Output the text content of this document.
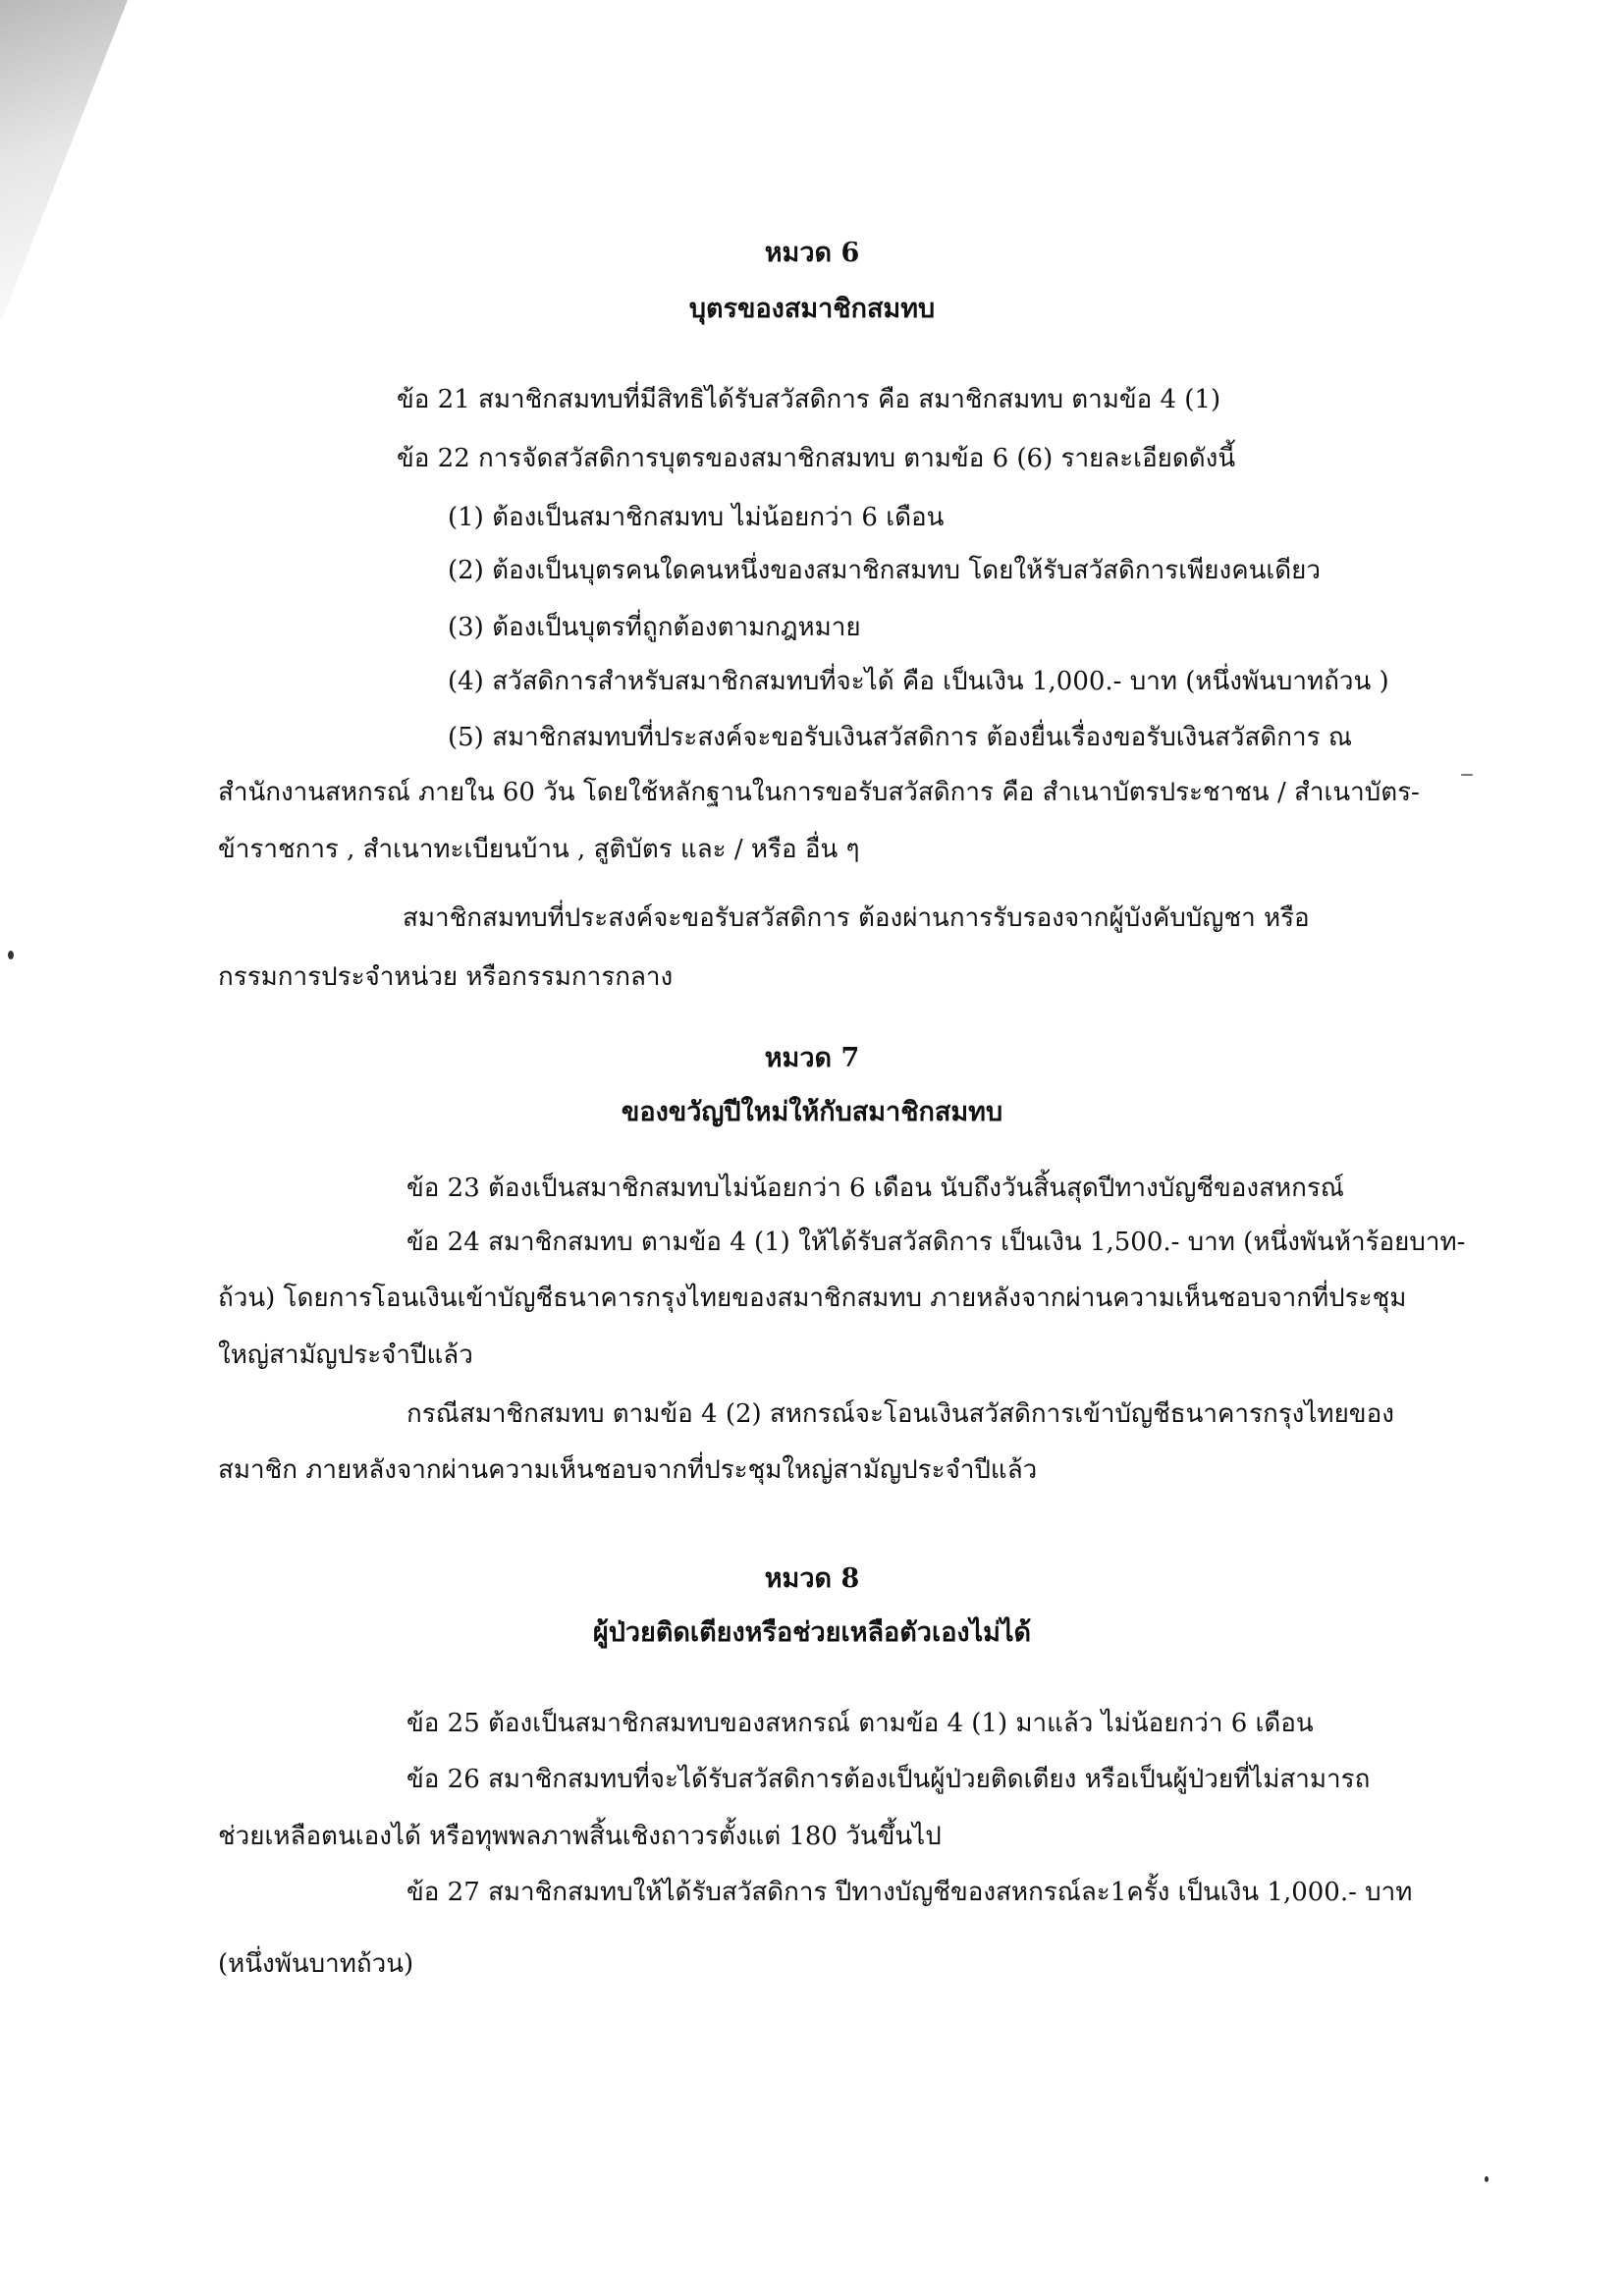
หมวด 6
บุตรของสมาชิกสมทบ
ข้อ 21 สมาชิกสมทบที่มีสิทธิได้รับสวัสดิการ คือ สมาชิกสมทบ ตามข้อ 4 (1)
ข้อ 22 การจัดสวัสดิการบุตรของสมาชิกสมทบ ตามข้อ 6 (6) รายละเอียดดังนี้
(1) ต้องเป็นสมาชิกสมทบ ไม่น้อยกว่า 6 เดือน
(2) ต้องเป็นบุตรคนใดคนหนึ่งของสมาชิกสมทบ โดยให้รับสวัสดิการเพียงคนเดียว
(3) ต้องเป็นบุตรที่ถูกต้องตามกฎหมาย
(4) สวัสดิการสำหรับสมาชิกสมทบที่จะได้ คือ เป็นเงิน 1,000.- บาท (หนึ่งพันบาทถ้วน )
(5) สมาชิกสมทบที่ประสงค์จะขอรับเงินสวัสดิการ ต้องยื่นเรื่องขอรับเงินสวัสดิการ ณ
สำนักงานสหกรณ์ ภายใน 60 วัน โดยใช้หลักฐานในการขอรับสวัสดิการ คือ สำเนาบัตรประชาชน / สำเนาบัตร-
ข้าราชการ , สำเนาทะเบียนบ้าน , สูติบัตร และ / หรือ อื่น ๆ
สมาชิกสมทบที่ประสงค์จะขอรับสวัสดิการ ต้องผ่านการรับรองจากผู้บังคับบัญชา หรือ
กรรมการประจำหน่วย หรือกรรมการกลาง
หมวด 7
ของขวัญปีใหม่ให้กับสมาชิกสมทบ
ข้อ 23 ต้องเป็นสมาชิกสมทบไม่น้อยกว่า 6 เดือน นับถึงวันสิ้นสุดปีทางบัญชีของสหกรณ์
ข้อ 24 สมาชิกสมทบ ตามข้อ 4 (1) ให้ได้รับสวัสดิการ เป็นเงิน 1,500.- บาท (หนึ่งพันห้าร้อยบาท-
ถ้วน) โดยการโอนเงินเข้าบัญชีธนาคารกรุงไทยของสมาชิกสมทบ ภายหลังจากผ่านความเห็นชอบจากที่ประชุม
ใหญ่สามัญประจำปีแล้ว
กรณีสมาชิกสมทบ ตามข้อ 4 (2) สหกรณ์จะโอนเงินสวัสดิการเข้าบัญชีธนาคารกรุงไทยของ
สมาชิก ภายหลังจากผ่านความเห็นชอบจากที่ประชุมใหญ่สามัญประจำปีแล้ว
หมวด 8
ผู้ป่วยติดเตียงหรือช่วยเหลือตัวเองไม่ได้
ข้อ 25 ต้องเป็นสมาชิกสมทบของสหกรณ์ ตามข้อ 4 (1) มาแล้ว ไม่น้อยกว่า 6 เดือน
ข้อ 26 สมาชิกสมทบที่จะได้รับสวัสดิการต้องเป็นผู้ป่วยติดเตียง หรือเป็นผู้ป่วยที่ไม่สามารถ
ช่วยเหลือตนเองได้ หรือทุพพลภาพสิ้นเชิงถาวรตั้งแต่ 180 วันขึ้นไป
ข้อ 27 สมาชิกสมทบให้ได้รับสวัสดิการ ปีทางบัญชีของสหกรณ์ละ1ครั้ง เป็นเงิน 1,000.- บาท
(หนึ่งพันบาทถ้วน)
